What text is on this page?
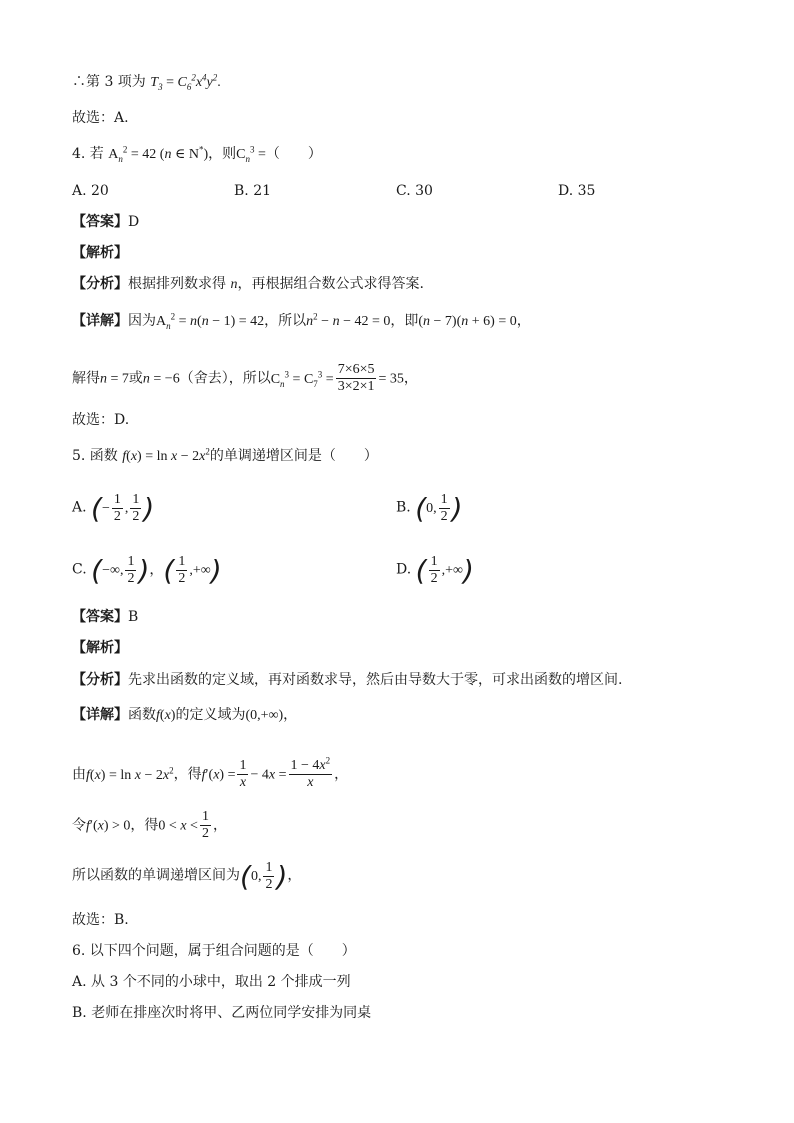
∴第 3 项为 $T_3 = C_6^2x^4y^2$.
故选：A.
4. 若 $A_n^2 = 42$ (n ∈ N*)，则$C_n^3$ =（　　）
A. 20	B. 21	C. 30	D. 35
【答案】D
【解析】
【分析】根据排列数求得 n，再根据组合数公式求得答案.
【详解】因为$A_n^2 = n(n - 1) = 42$，所以$n^2 - n - 42 = 0$，即(n − 7)(n + 6) = 0，
解得n = 7或n = −6（舍去），所以$C_n^3 = C_7^3 = \frac{7\times 6\times 5}{3\times 2\times 1} = 35$，
故选：D.
5. 函数 $f(x) = \ln x - 2x^2$的单调递增区间是（　　）
A. (− $\frac{1}{2}$ , $\frac{1}{2}$ )	B. (0, $\frac{1}{2}$ )
C. (−∞, $\frac{1}{2}$ )，( $\frac{1}{2}$ ,+∞)	D. ( $\frac{1}{2}$ ,+∞)
【答案】B
【解析】
【分析】先求出函数的定义域，再对函数求导，然后由导数大于零，可求出函数的增区间.
【详解】函数f(x)的定义域为(0,+∞)，
由$f(x) = \ln x - 2x^2$，得$f'(x) = \frac{1}{x} - 4x = \frac{1 - 4x^2}{x}$ ，
令f′(x) > 0，得$0 < x < \frac{1}{2}$ ，
所以函数的单调递增区间为(0, $\frac{1}{2}$ )，
故选：B.
6. 以下四个问题，属于组合问题的是（　　）
A. 从 3 个不同的小球中，取出 2 个排成一列
B. 老师在排座次时将甲、乙两位同学安排为同桌
